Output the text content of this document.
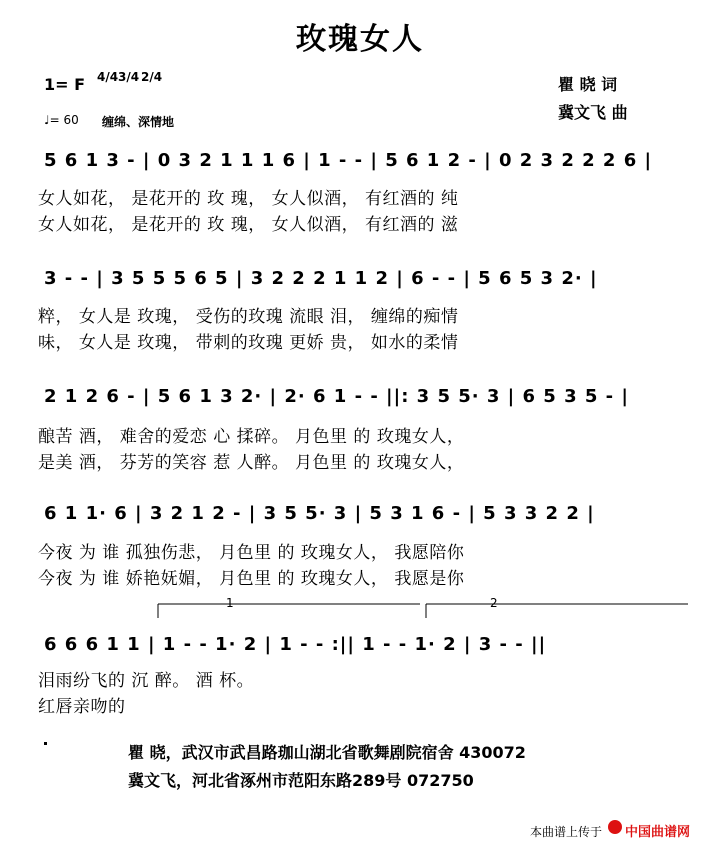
玫瑰女人
1= F 4/4 3/4 2/4
♩= 60 缠绵、深情地
瞿 晓 词
冀文飞 曲
5 6 1 3 - | 0 3 2 1 1 1 6 | 1 - - | 5 6 1 2 - | 0 2 3 2 2 2 6 |
女人如花， 是花开的 玫 瑰， 女人似酒， 有红酒的 纯
女人如花， 是花开的 玫 瑰， 女人似酒， 有红酒的 滋
3 - - | 3 5 5 5 6 5 | 3 2 2 2 1 1 2 | 6 - - | 5 6 5 3 2· |
粹， 女人是 玫瑰， 受伤的玫瑰 流眼 泪， 缠绵的痴情
味， 女人是 玫瑰， 带刺的玫瑰 更娇 贵， 如水的柔情
2 1 2 6 - | 5 6 1 3 2· | 2· 6 1 - - ||: 3 5 5· 3 | 6 5 3 5 - |
酿苦 酒， 难舍的爱恋 心 揉碎。 月色里 的 玫瑰女人，
是美 酒， 芬芳的笑容 惹 人醉。 月色里 的 玫瑰女人，
6 1 1· 6 | 3 2 1 2 - | 3 5 5· 3 | 5 3 1 6 - | 5 3 3 2 2 |
今夜 为 谁 孤独伤悲， 月色里 的 玫瑰女人， 我愿陪你
今夜 为 谁 娇艳妩媚， 月色里 的 玫瑰女人， 我愿是你
1	2
6 6 6 1 1 | 1 - - 1· 2 | 1 - - :|| 1 - - 1· 2 | 3 - - ||
泪雨纷飞的 沉 醉。 酒 杯。
红唇亲吻的
瞿 晓，武汉市武昌路珈山湖北省歌舞剧院宿舍 430072
冀文飞，河北省涿州市范阳东路289号 072750
本曲谱上传于 中国曲谱网
